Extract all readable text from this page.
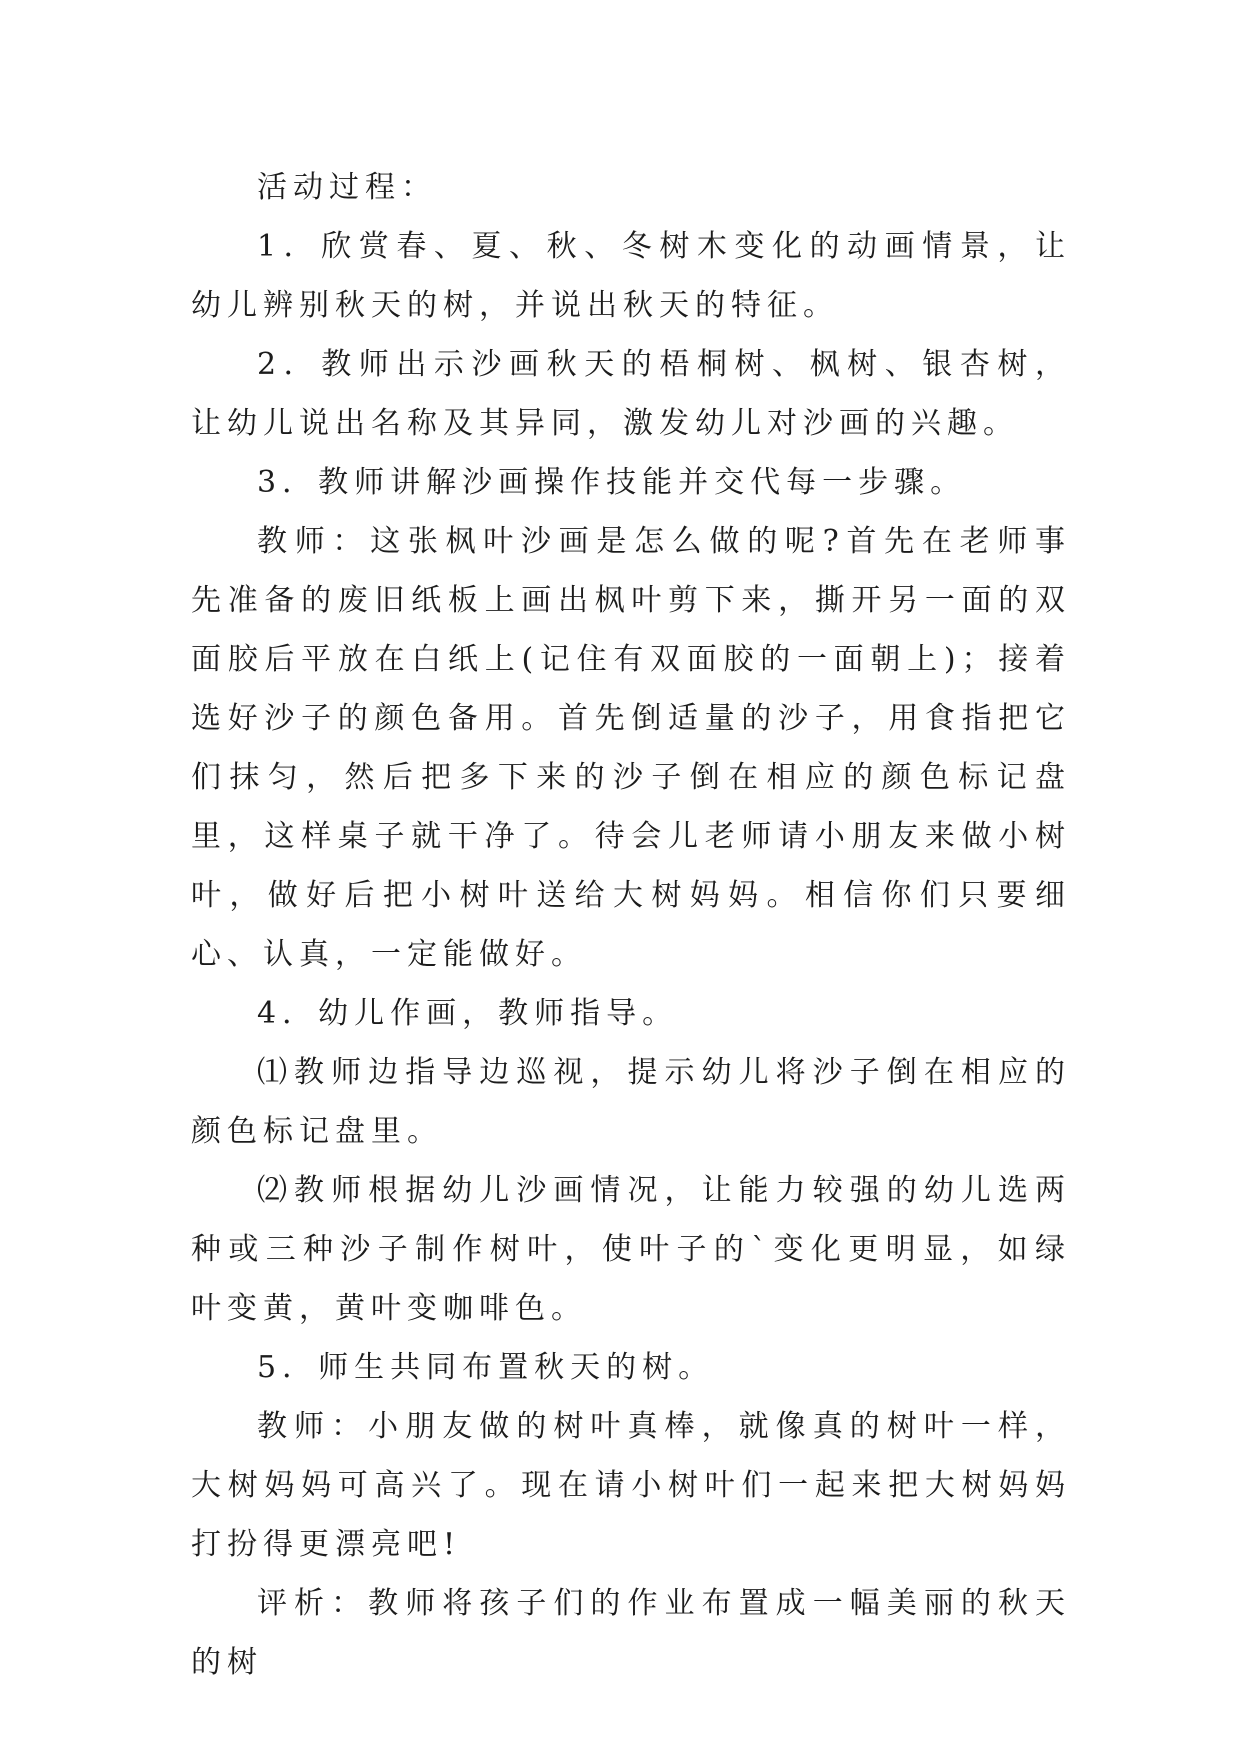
活动过程：

1．欣赏春、夏、秋、冬树木变化的动画情景，让幼儿辨别秋天的树，并说出秋天的特征。

2．教师出示沙画秋天的梧桐树、枫树、银杏树，让幼儿说出名称及其异同，激发幼儿对沙画的兴趣。

3．教师讲解沙画操作技能并交代每一步骤。

教师：这张枫叶沙画是怎么做的呢?首先在老师事先准备的废旧纸板上画出枫叶剪下来，撕开另一面的双面胶后平放在白纸上(记住有双面胶的一面朝上)；接着选好沙子的颜色备用。首先倒适量的沙子，用食指把它们抹匀，然后把多下来的沙子倒在相应的颜色标记盘里，这样桌子就干净了。待会儿老师请小朋友来做小树叶，做好后把小树叶送给大树妈妈。相信你们只要细心、认真，一定能做好。

4．幼儿作画，教师指导。

⑴教师边指导边巡视，提示幼儿将沙子倒在相应的颜色标记盘里。

⑵教师根据幼儿沙画情况，让能力较强的幼儿选两种或三种沙子制作树叶，使叶子的`变化更明显，如绿叶变黄，黄叶变咖啡色。

5．师生共同布置秋天的树。

教师：小朋友做的树叶真棒，就像真的树叶一样，大树妈妈可高兴了。现在请小树叶们一起来把大树妈妈打扮得更漂亮吧!

评析：教师将孩子们的作业布置成一幅美丽的秋天的树
